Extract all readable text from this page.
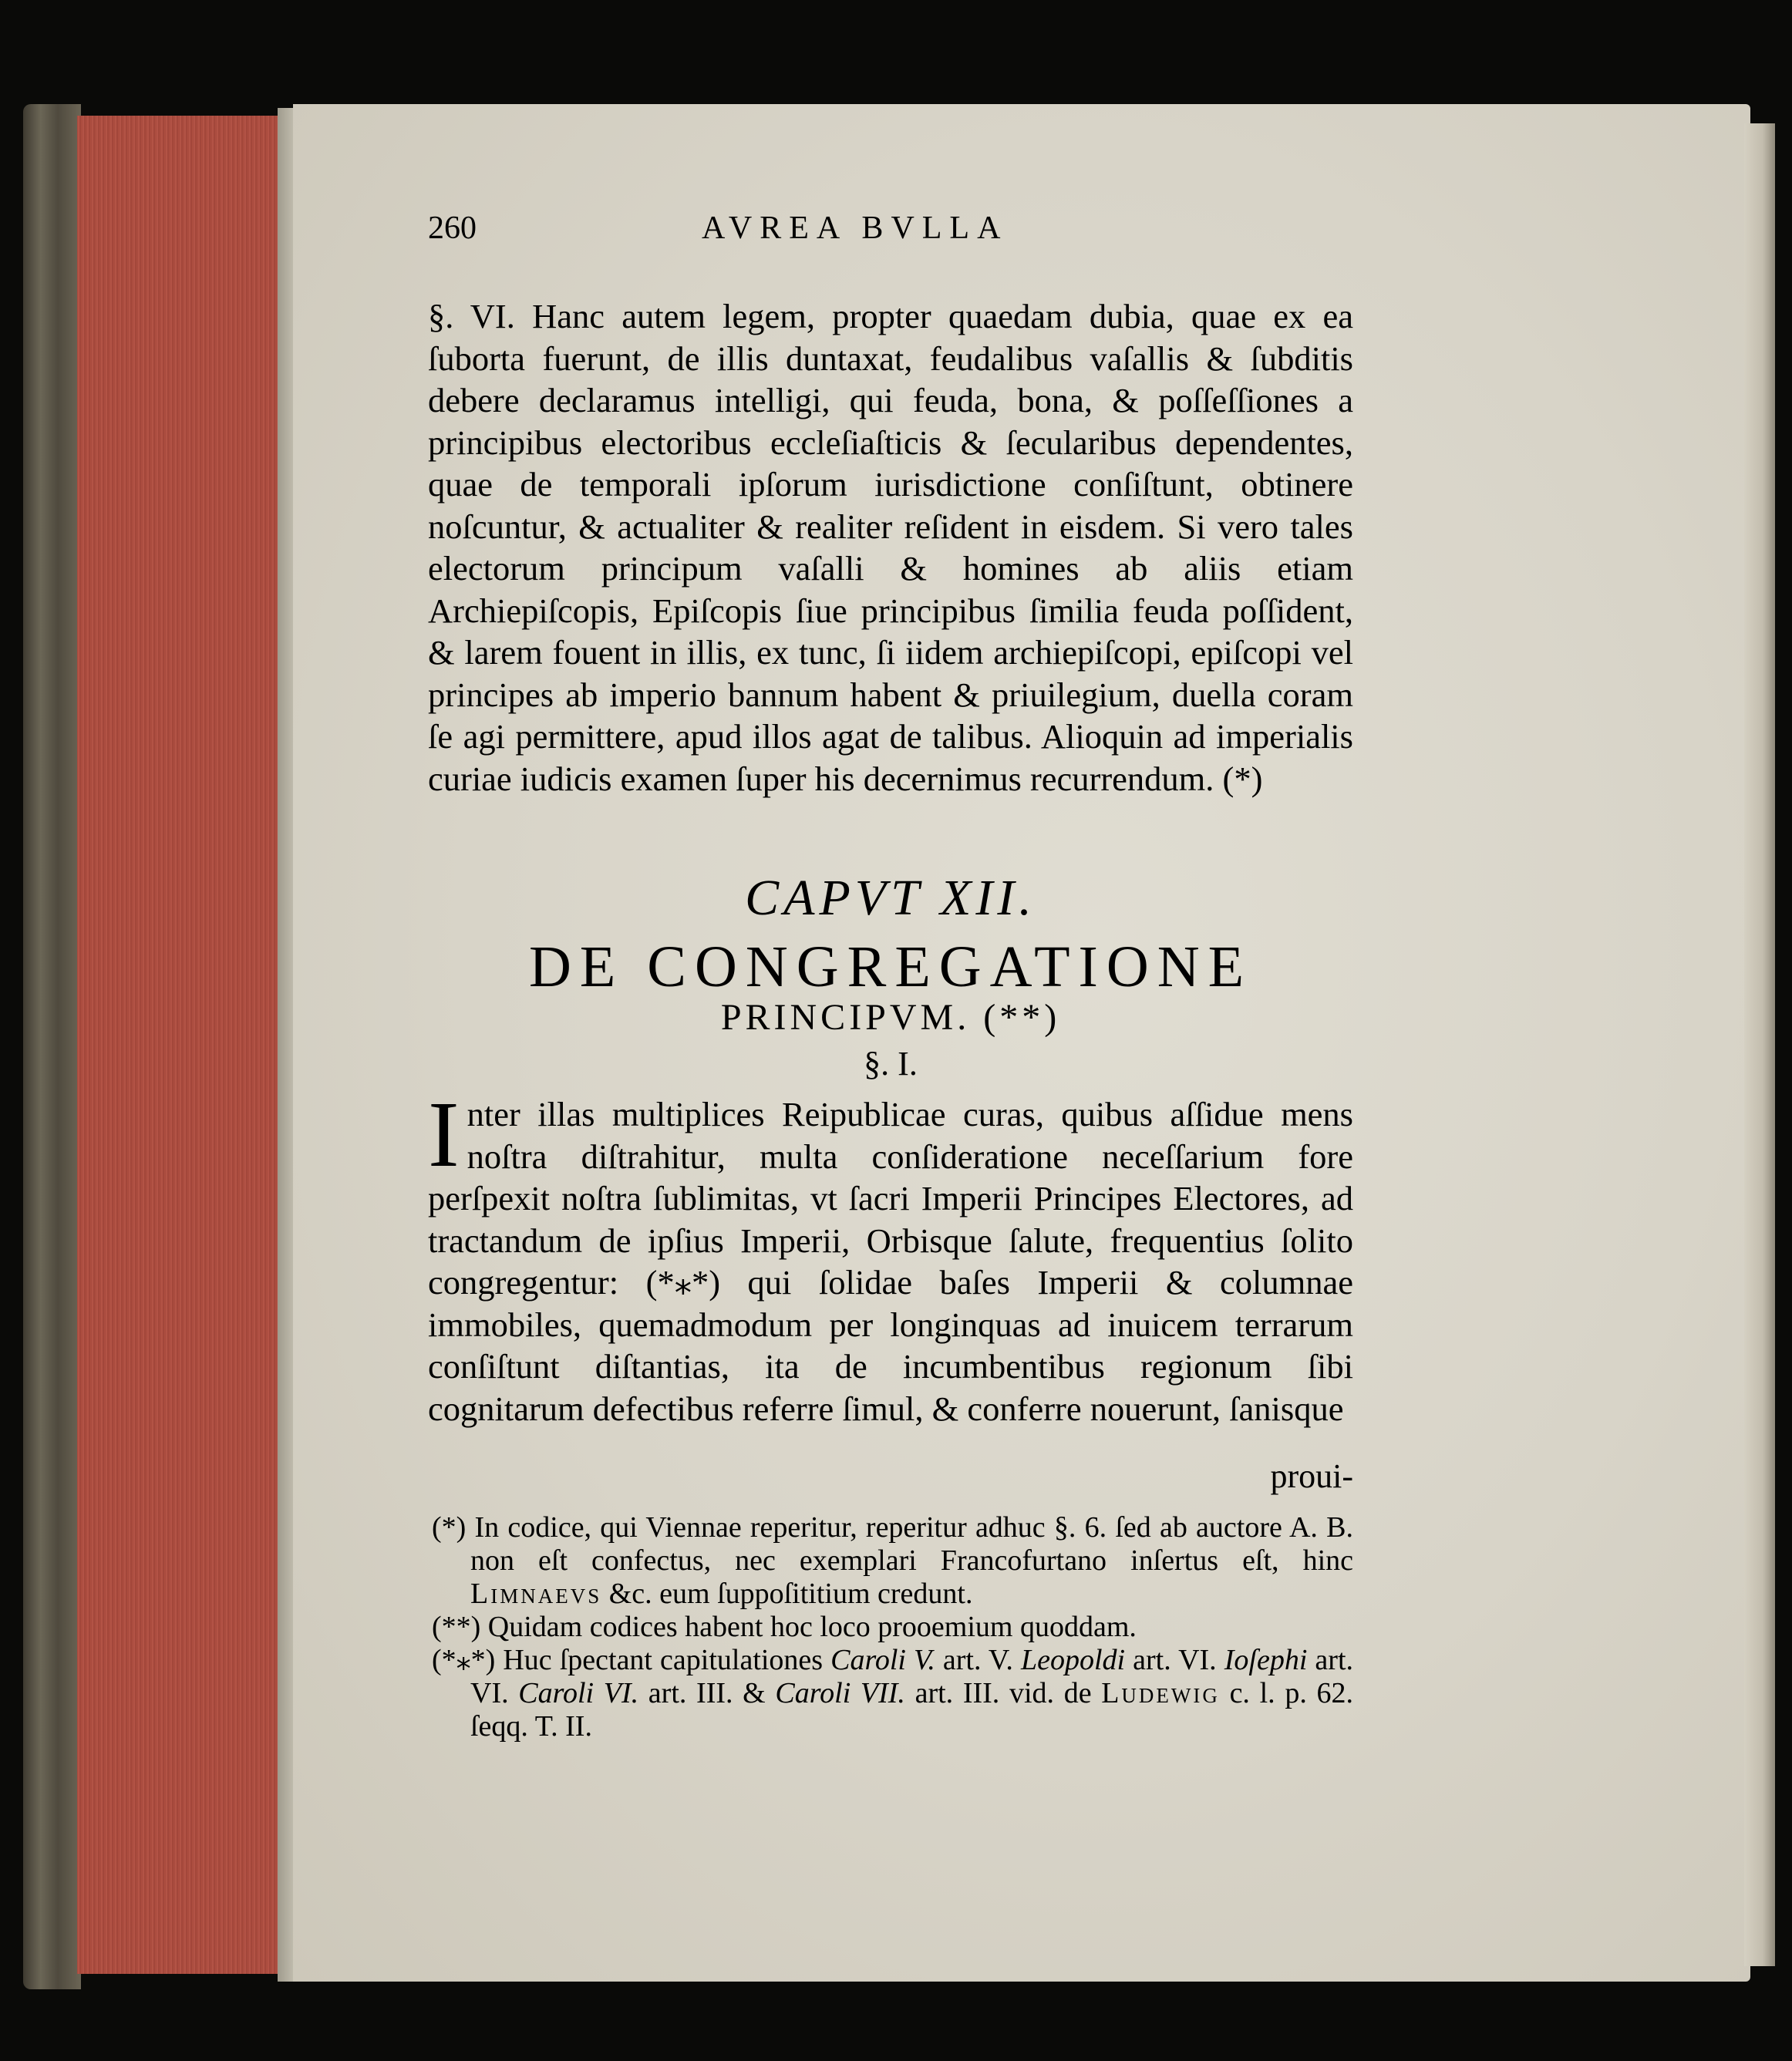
260	AVREA BVLLA

§. VI. Hanc autem legem, propter quaedam dubia, quae ex ea ſuborta fuerunt, de illis duntaxat, feudalibus vaſallis & ſubditis debere declaramus intelligi, qui feuda, bona, & poſſeſſiones a principibus electoribus eccleſiaſticis & ſecularibus dependentes, quae de temporali ipſorum iurisdictione conſiſtunt, obtinere noſcuntur, & actualiter & realiter reſident in eisdem. Si vero tales electorum principum vaſalli & homines ab aliis etiam Archiepiſcopis, Epiſcopis ſiue principibus ſimilia feuda poſſident, & larem fouent in illis, ex tunc, ſi iidem archiepiſcopi, epiſcopi vel principes ab imperio bannum habent & priuilegium, duella coram ſe agi permittere, apud illos agat de talibus. Alioquin ad imperialis curiae iudicis examen ſuper his decernimus recurrendum. (*)

CAPVT XII.
DE CONGREGATIONE
PRINCIPVM. (**)
§. I.
Inter illas multiplices Reipublicae curas, quibus aſſidue mens noſtra diſtrahitur, multa conſideratione neceſſarium fore perſpexit noſtra ſublimitas, vt ſacri Imperii Principes Electores, ad tractandum de ipſius Imperii, Orbisque ſalute, frequentius ſolito congregentur: (*⁎*) qui ſolidae baſes Imperii & columnae immobiles, quemadmodum per longinquas ad inuicem terrarum conſiſtunt diſtantias, ita de incumbentibus regionum ſibi cognitarum defectibus referre ſimul, & conferre nouerunt, ſanisque
proui-
(*) In codice, qui Viennae reperitur, reperitur adhuc §. 6. ſed ab auctore A. B. non eſt confectus, nec exemplari Francofurtano inſertus eſt, hinc Limnaevs &c. eum ſuppoſititium credunt.
(**) Quidam codices habent hoc loco prooemium quoddam.
(*⁎*) Huc ſpectant capitulationes Caroli V. art. V. Leopoldi art. VI. Ioſephi art. VI. Caroli VI. art. III. & Caroli VII. art. III. vid. de Ludewig c. l. p. 62. ſeqq. T. II.
